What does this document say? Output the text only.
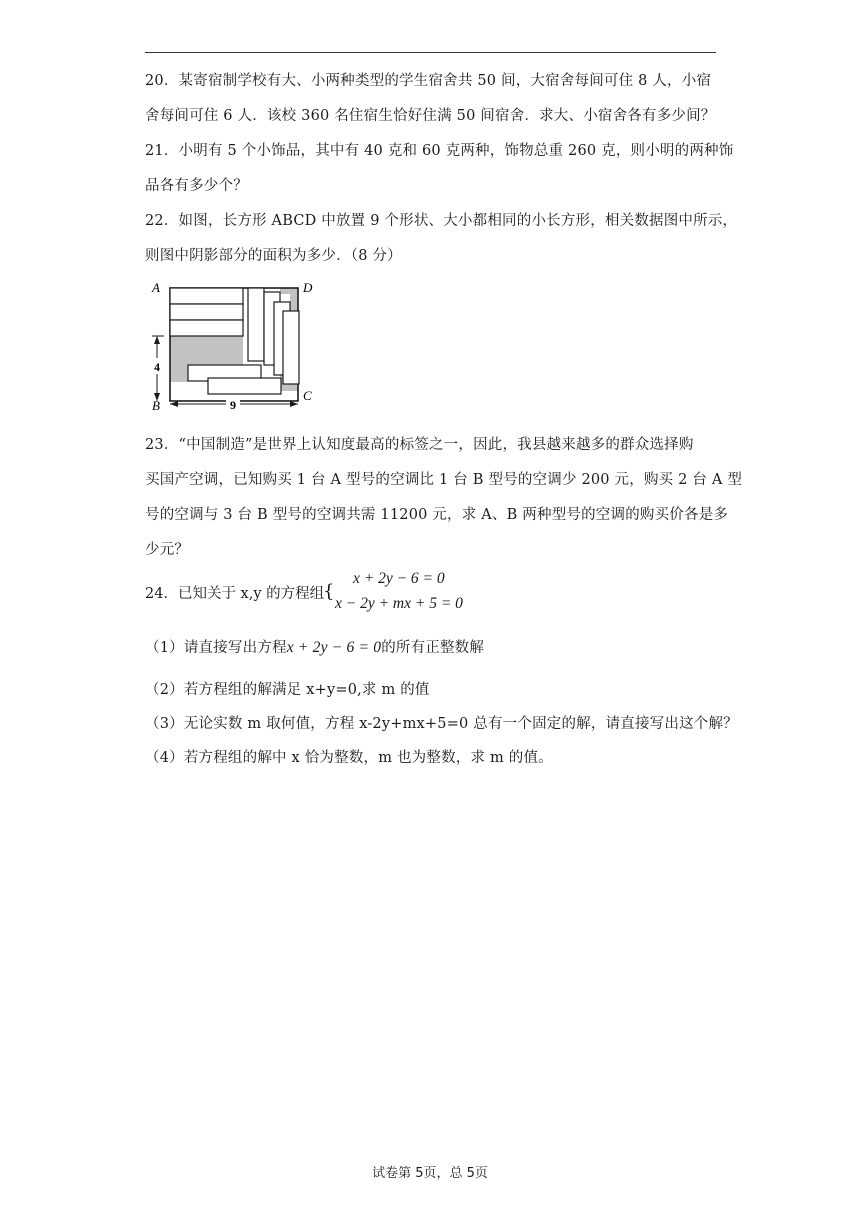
20．某寄宿制学校有大、小两种类型的学生宿舍共 50 间，大宿舍每间可住 8 人，小宿
舍每间可住 6 人．该校 360 名住宿生恰好住满 50 间宿舍．求大、小宿舍各有多少间？
21．小明有 5 个小饰品，其中有 40 克和 60 克两种，饰物总重 260 克，则小明的两种饰
品各有多少个？
22．如图，长方形 ABCD 中放置 9 个形状、大小都相同的小长方形，相关数据图中所示，
则图中阴影部分的面积为多少．（8 分）
4
9
A	D
B
C
23．“中国制造”是世界上认知度最高的标签之一，因此，我县越来越多的群众选择购
买国产空调，已知购买 1 台 A 型号的空调比 1 台 B 型号的空调少 200 元，购买 2 台 A 型
号的空调与 3 台 B 型号的空调共需 11200 元，求 A、B 两种型号的空调的购买价各是多
少元？
24．已知关于 x,y 的方程组
{
x + 2y − 6 = 0
x − 2y + mx + 5 = 0
（1）请直接写出方程x + 2y − 6 = 0的所有正整数解
（2）若方程组的解满足 x+y=0,求 m 的值
（3）无论实数 m 取何值，方程 x-2y+mx+5=0 总有一个固定的解，请直接写出这个解？
（4）若方程组的解中 x 恰为整数，m 也为整数，求 m 的值。
试卷第 5页，总 5页
